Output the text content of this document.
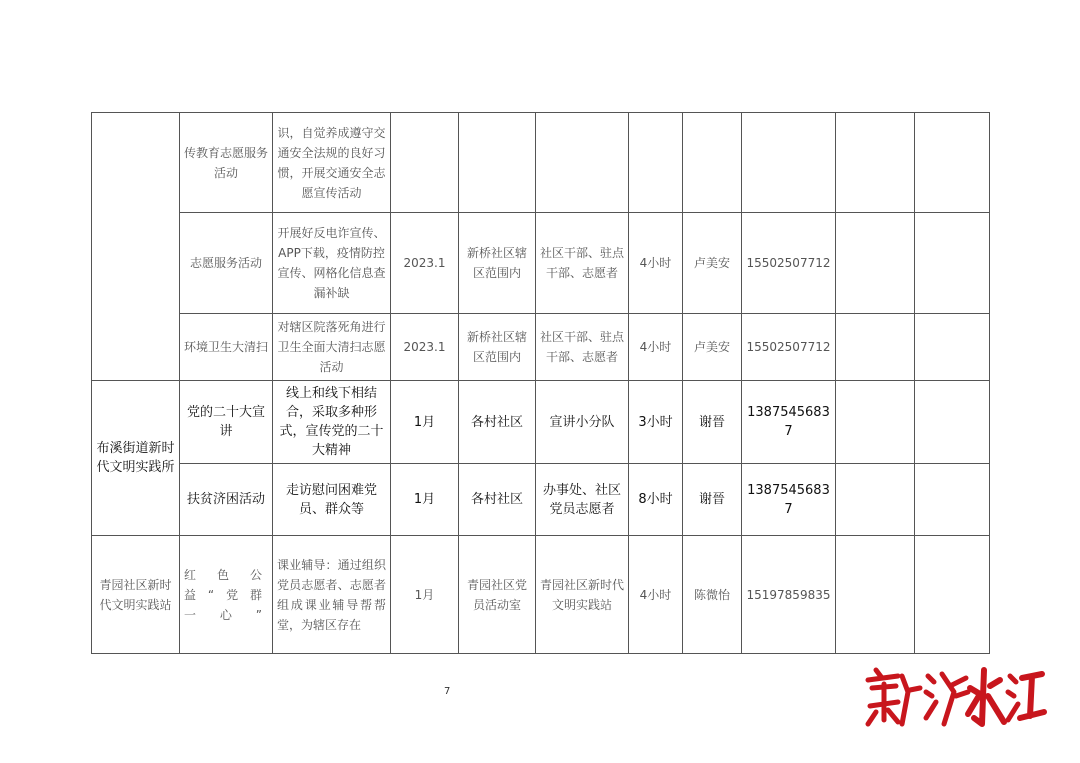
	传教育志愿服务活动	识，自觉养成遵守交通安全法规的良好习惯，开展交通安全志愿宣传活动								
	志愿服务活动	开展好反电诈宣传、APP下载，疫情防控宣传、网格化信息查漏补缺	2023.1	新桥社区辖区范围内	社区干部、驻点干部、志愿者	4小时	卢美安	15502507712		
	环境卫生大清扫	对辖区院落死角进行卫生全面大清扫志愿活动	2023.1	新桥社区辖区范围内	社区干部、驻点干部、志愿者	4小时	卢美安	15502507712		
布溪街道新时代文明实践所	党的二十大宣讲	线上和线下相结合，采取多种形式，宣传党的二十大精神	1月	各村社区	宣讲小分队	3小时	谢晉	13875456837		
	扶贫济困活动	走访慰问困难党员、群众等	1月	各村社区	办事处、社区党员志愿者	8小时	谢晉	13875456837		
青园社区新时代文明实践站	红色公益“党群一心”	课业辅导：通过组织党员志愿者、志愿者组成课业辅导帮帮堂，为辖区存在	1月	青园社区党员活动室	青园社区新时代文明实践站	4小时	陈微怡	15197859835		
7
